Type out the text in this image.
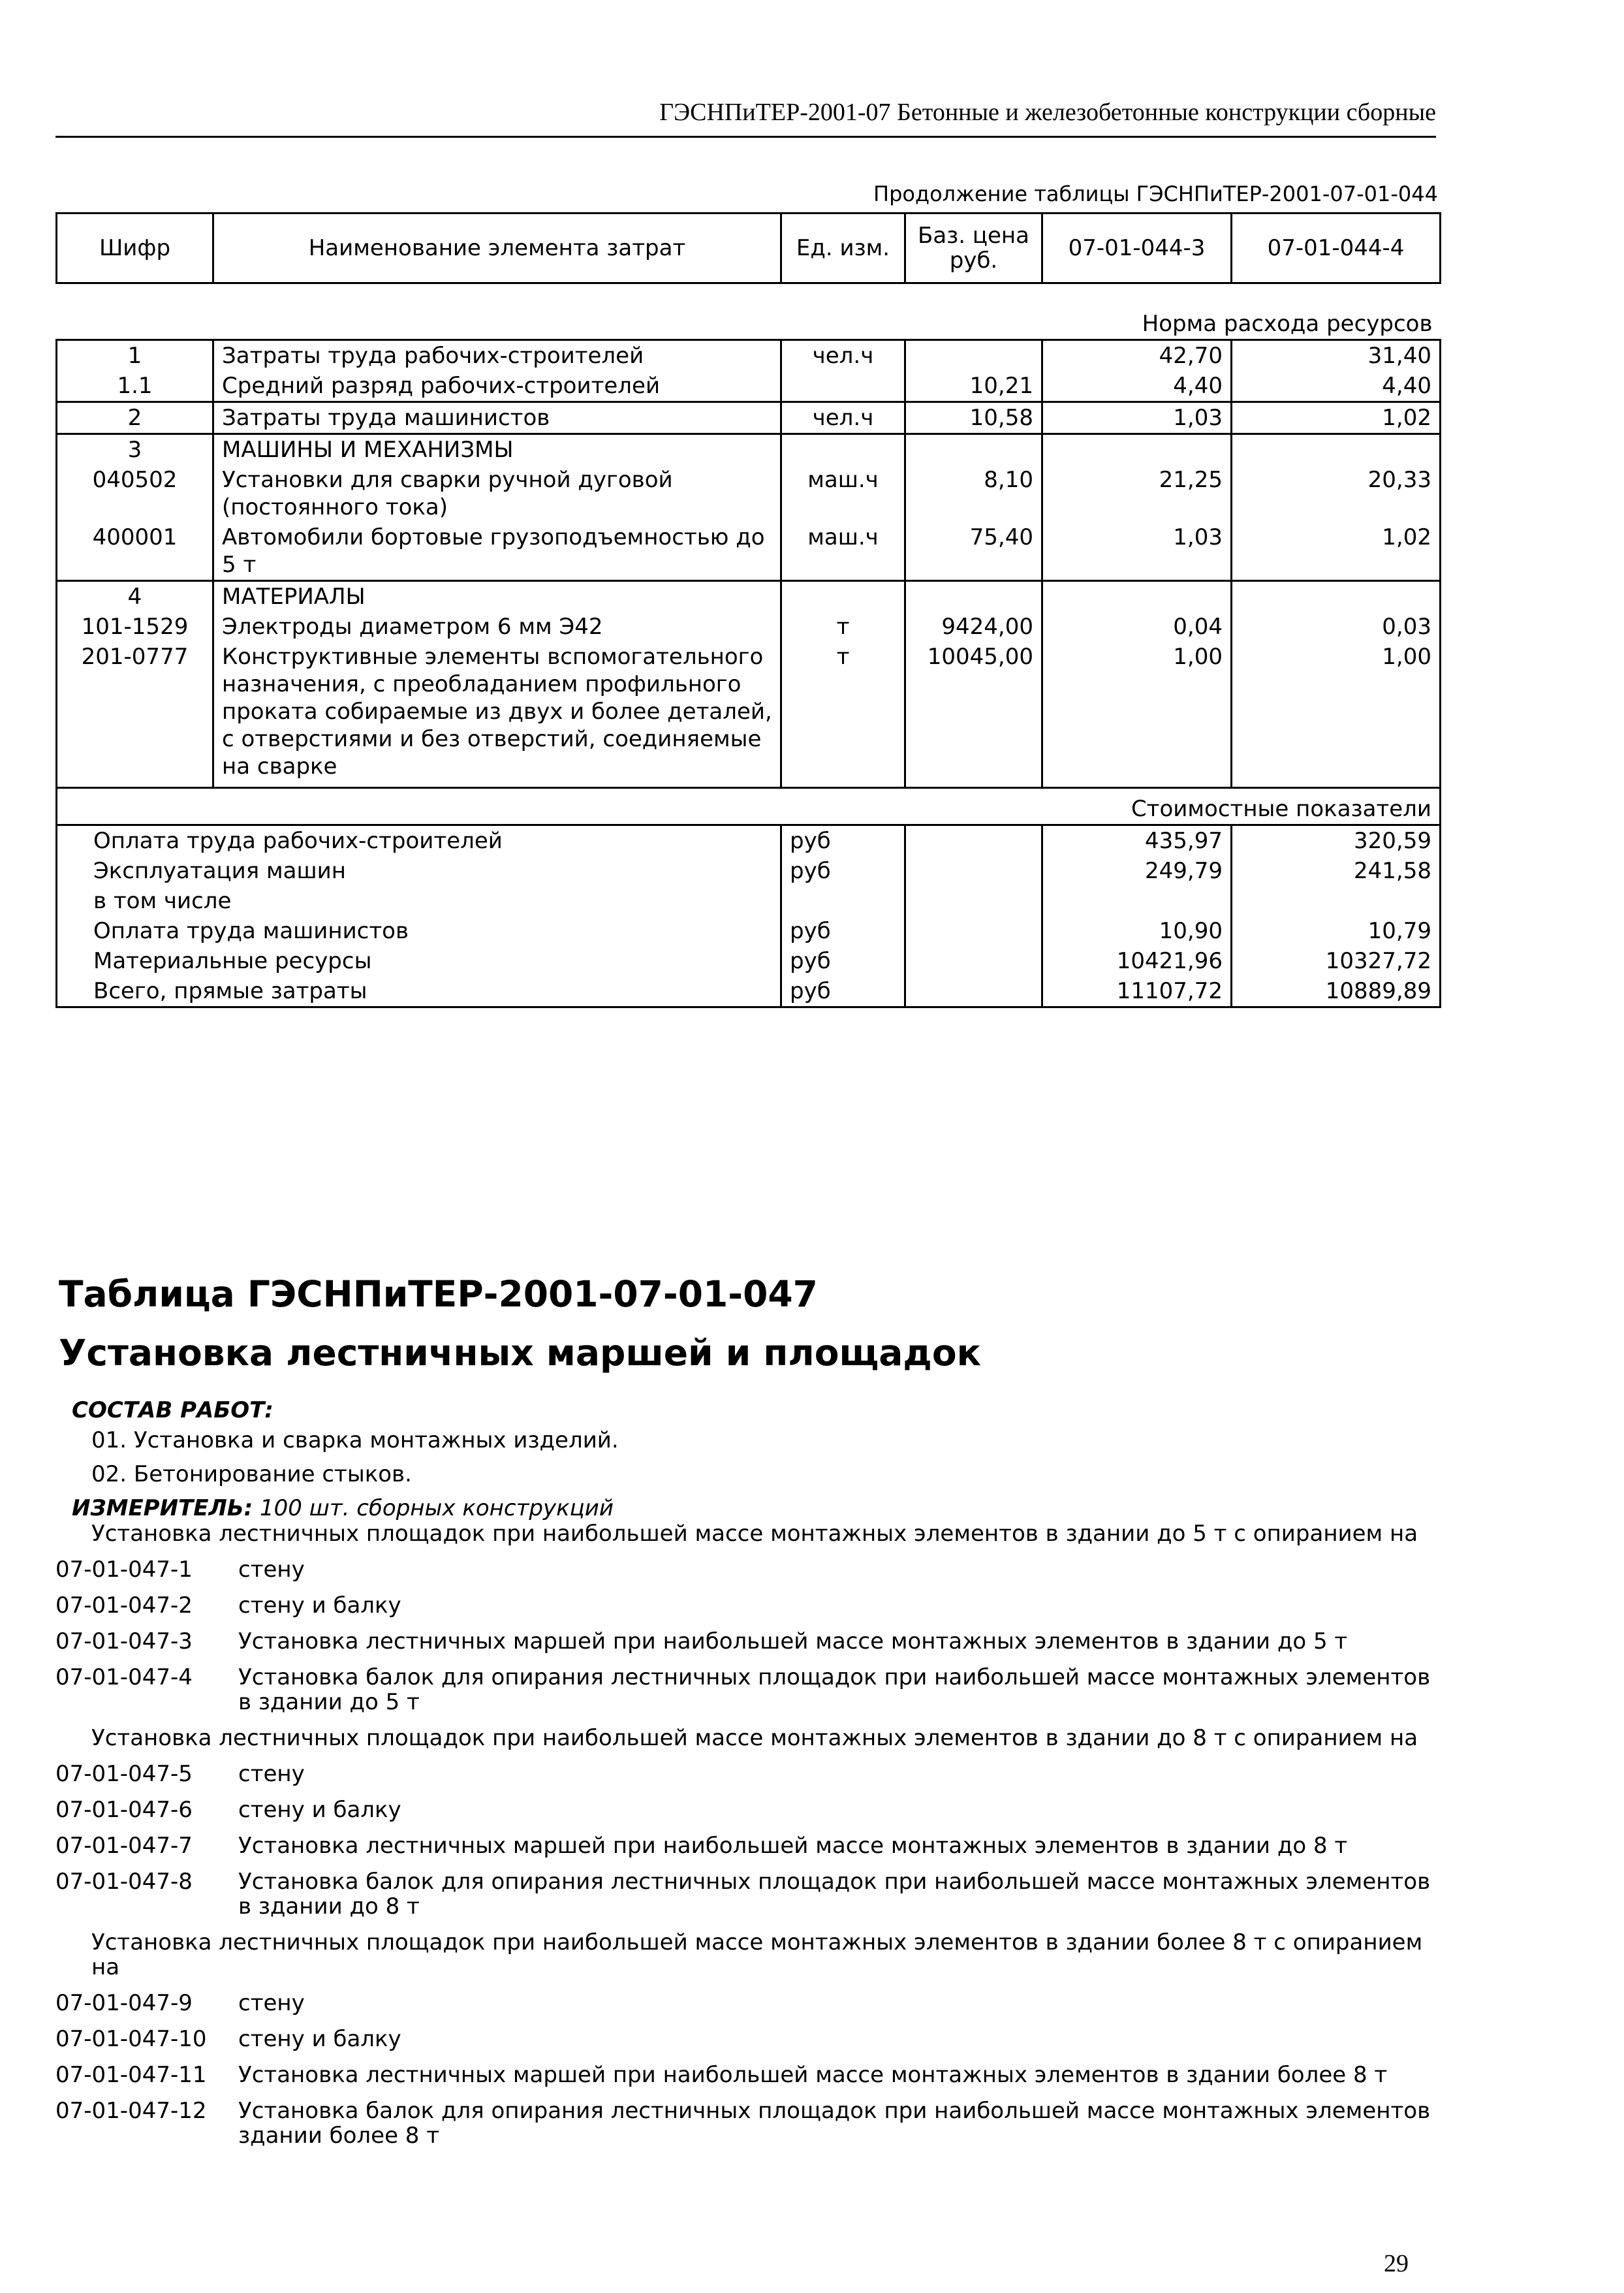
ГЭСНПиТЕР-2001-07 Бетонные и железобетонные конструкции сборные
Продолжение таблицы ГЭСНПиТЕР-2001-07-01-044
Шифр	Наименование элемента затрат	Ед. изм.	Баз. цена руб.	07-01-044-3	07-01-044-4
Норма расхода ресурсов					
1	Затраты труда рабочих-строителей	чел.ч		42,70	31,40
1.1	Средний разряд рабочих-строителей		10,21	4,40	4,40
2	Затраты труда машинистов	чел.ч	10,58	1,03	1,02
3	МАШИНЫ И МЕХАНИЗМЫ				
040502	Установки для сварки ручной дуговой (постоянного тока)	маш.ч	8,10	21,25	20,33
400001	Автомобили бортовые грузоподъемностью до 5 т	маш.ч	75,40	1,03	1,02
4	МАТЕРИАЛЫ				
101-1529	Электроды диаметром 6 мм Э42	т	9424,00	0,04	0,03
201-0777	Конструктивные элементы вспомогательного назначения, с преобладанием профильного проката собираемые из двух и более деталей, с отверстиями и без отверстий, соединяемые на сварке	т	10045,00	1,00	1,00
Стоимостные показатели					
Оплата труда рабочих-строителей		руб		435,97	320,59
Эксплуатация машин		руб		249,79	241,58
в том числе					
Оплата труда машинистов		руб		10,90	10,79
Материальные ресурсы		руб		10421,96	10327,72
Всего, прямые затраты		руб		11107,72	10889,89
Таблица ГЭСНПиТЕР-2001-07-01-047
Установка лестничных маршей и площадок
СОСТАВ РАБОТ:
01. Установка и сварка монтажных изделий.
02. Бетонирование стыков.
ИЗМЕРИТЕЛЬ: 100 шт. сборных конструкций
Установка лестничных площадок при наибольшей массе монтажных элементов в здании до 5 т с опиранием на
07-01-047-1	стену
07-01-047-2	стену и балку
07-01-047-3	Установка лестничных маршей при наибольшей массе монтажных элементов в здании до 5 т
07-01-047-4	Установка балок для опирания лестничных площадок при наибольшей массе монтажных элементов в здании до 5 т
Установка лестничных площадок при наибольшей массе монтажных элементов в здании до 8 т с опиранием на
07-01-047-5	стену
07-01-047-6	стену и балку
07-01-047-7	Установка лестничных маршей при наибольшей массе монтажных элементов в здании до 8 т
07-01-047-8	Установка балок для опирания лестничных площадок при наибольшей массе монтажных элементов в здании до 8 т
Установка лестничных площадок при наибольшей массе монтажных элементов в здании более 8 т с опиранием на
07-01-047-9	стену
07-01-047-10	стену и балку
07-01-047-11	Установка лестничных маршей при наибольшей массе монтажных элементов в здании более 8 т
07-01-047-12	Установка балок для опирания лестничных площадок при наибольшей массе монтажных элементов здании более 8 т
29
